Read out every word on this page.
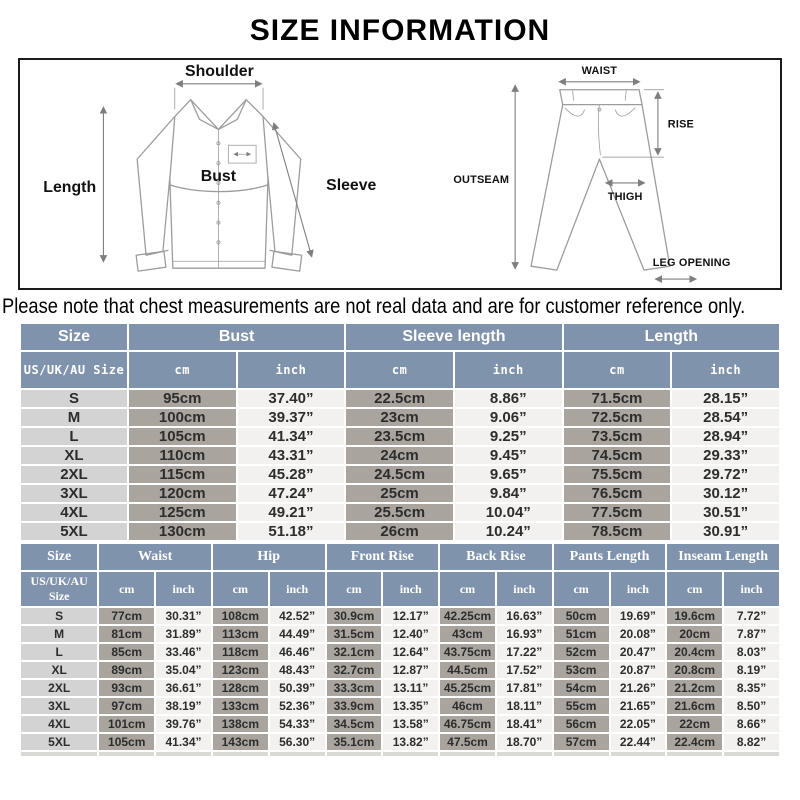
SIZE INFORMATION
Shoulder
Length
Bust
Sleeve
WAIST
RISE
OUTSEAM
THIGH
LEG OPENING
Please note that chest measurements are not real data and are for customer reference only.
Size	Bust		Sleeve length		Length	
US/UK/AU Size	cm	inch	cm	inch	cm	inch
S	95cm	37.40”	22.5cm	8.86”	71.5cm	28.15”
M	100cm	39.37”	23cm	9.06”	72.5cm	28.54”
L	105cm	41.34”	23.5cm	9.25”	73.5cm	28.94”
XL	110cm	43.31”	24cm	9.45”	74.5cm	29.33”
2XL	115cm	45.28”	24.5cm	9.65”	75.5cm	29.72”
3XL	120cm	47.24”	25cm	9.84”	76.5cm	30.12”
4XL	125cm	49.21”	25.5cm	10.04”	77.5cm	30.51”
5XL	130cm	51.18”	26cm	10.24”	78.5cm	30.91”
Size	Waist		Hip		Front Rise		Back Rise		Pants Length		Inseam Length	
US/UK/AU Size	cm	inch	cm	inch	cm	inch	cm	inch	cm	inch	cm	inch
S	77cm	30.31”	108cm	42.52”	30.9cm	12.17”	42.25cm	16.63”	50cm	19.69”	19.6cm	7.72”
M	81cm	31.89”	113cm	44.49”	31.5cm	12.40”	43cm	16.93”	51cm	20.08”	20cm	7.87”
L	85cm	33.46”	118cm	46.46”	32.1cm	12.64”	43.75cm	17.22”	52cm	20.47”	20.4cm	8.03”
XL	89cm	35.04”	123cm	48.43”	32.7cm	12.87”	44.5cm	17.52”	53cm	20.87”	20.8cm	8.19”
2XL	93cm	36.61”	128cm	50.39”	33.3cm	13.11”	45.25cm	17.81”	54cm	21.26”	21.2cm	8.35”
3XL	97cm	38.19”	133cm	52.36”	33.9cm	13.35”	46cm	18.11”	55cm	21.65”	21.6cm	8.50”
4XL	101cm	39.76”	138cm	54.33”	34.5cm	13.58”	46.75cm	18.41”	56cm	22.05”	22cm	8.66”
5XL	105cm	41.34”	143cm	56.30”	35.1cm	13.82”	47.5cm	18.70”	57cm	22.44”	22.4cm	8.82”
